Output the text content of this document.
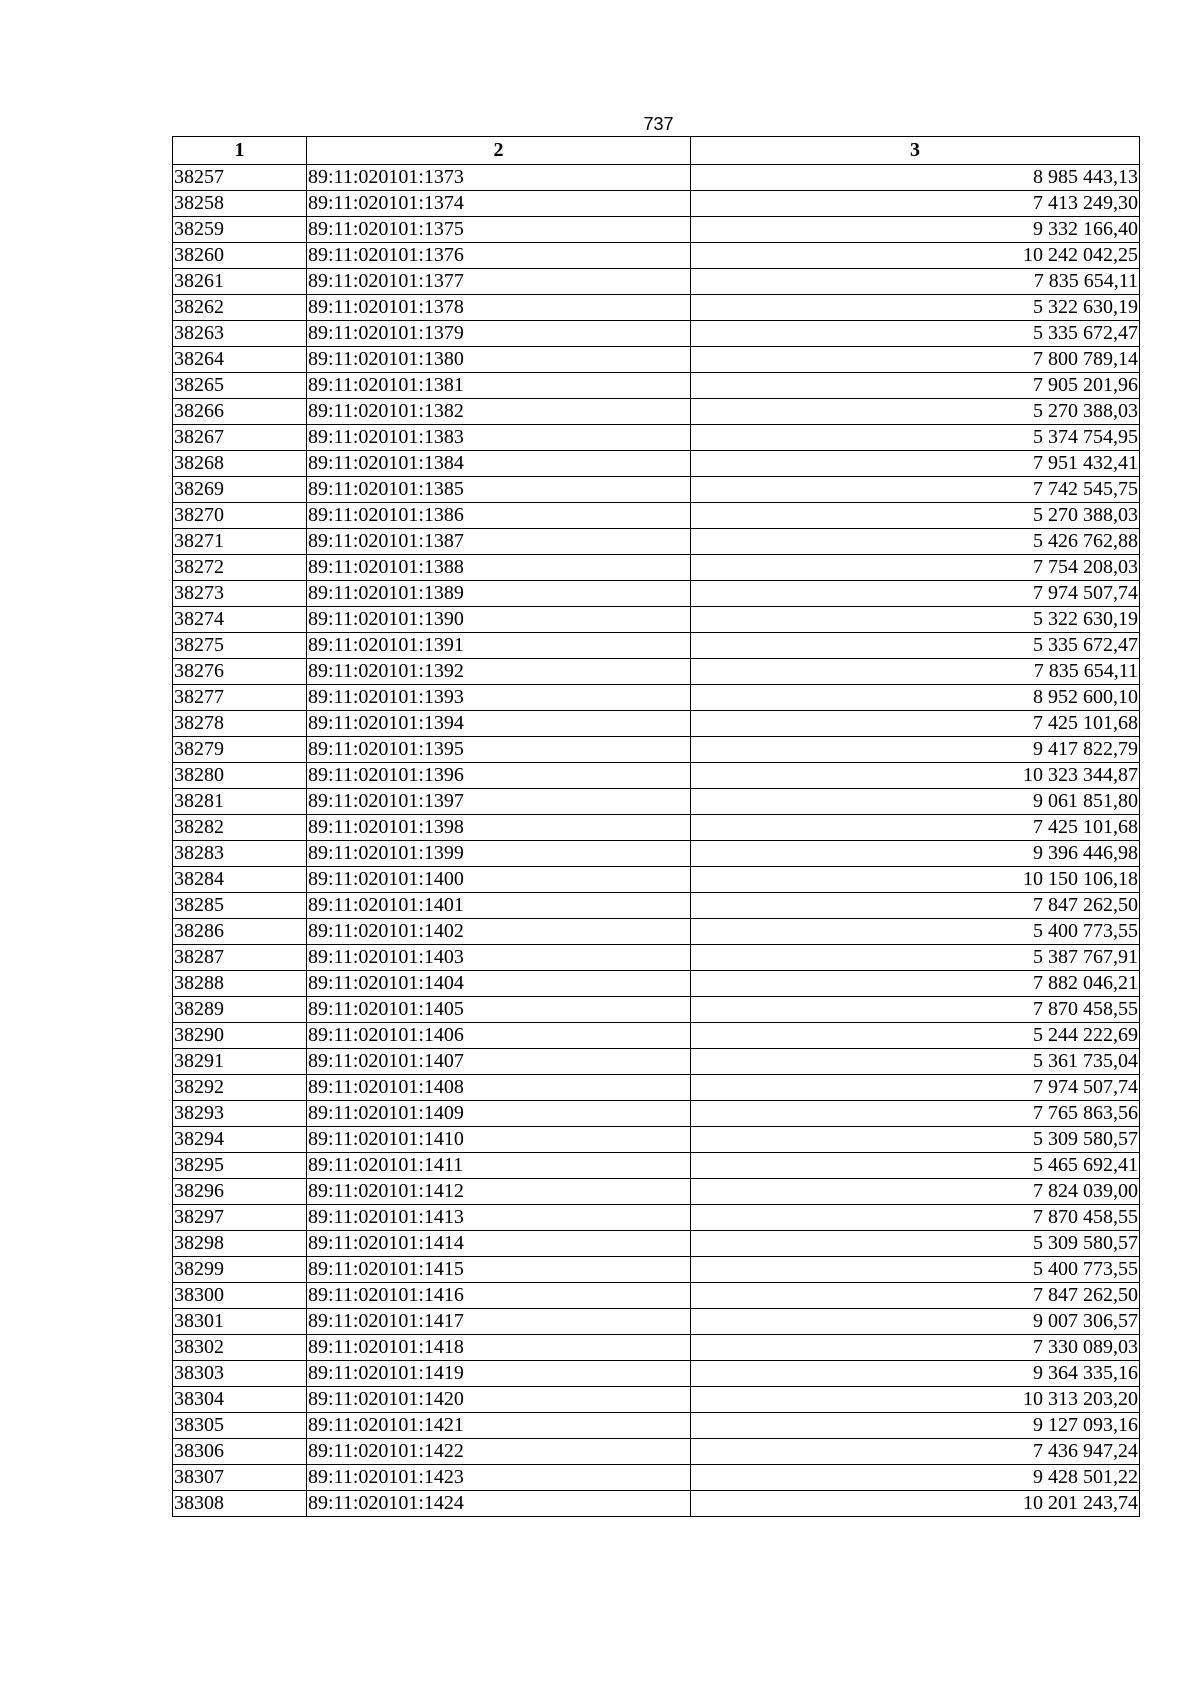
737
1	2	3
38257	89:11:020101:1373	8 985 443,13
38258	89:11:020101:1374	7 413 249,30
38259	89:11:020101:1375	9 332 166,40
38260	89:11:020101:1376	10 242 042,25
38261	89:11:020101:1377	7 835 654,11
38262	89:11:020101:1378	5 322 630,19
38263	89:11:020101:1379	5 335 672,47
38264	89:11:020101:1380	7 800 789,14
38265	89:11:020101:1381	7 905 201,96
38266	89:11:020101:1382	5 270 388,03
38267	89:11:020101:1383	5 374 754,95
38268	89:11:020101:1384	7 951 432,41
38269	89:11:020101:1385	7 742 545,75
38270	89:11:020101:1386	5 270 388,03
38271	89:11:020101:1387	5 426 762,88
38272	89:11:020101:1388	7 754 208,03
38273	89:11:020101:1389	7 974 507,74
38274	89:11:020101:1390	5 322 630,19
38275	89:11:020101:1391	5 335 672,47
38276	89:11:020101:1392	7 835 654,11
38277	89:11:020101:1393	8 952 600,10
38278	89:11:020101:1394	7 425 101,68
38279	89:11:020101:1395	9 417 822,79
38280	89:11:020101:1396	10 323 344,87
38281	89:11:020101:1397	9 061 851,80
38282	89:11:020101:1398	7 425 101,68
38283	89:11:020101:1399	9 396 446,98
38284	89:11:020101:1400	10 150 106,18
38285	89:11:020101:1401	7 847 262,50
38286	89:11:020101:1402	5 400 773,55
38287	89:11:020101:1403	5 387 767,91
38288	89:11:020101:1404	7 882 046,21
38289	89:11:020101:1405	7 870 458,55
38290	89:11:020101:1406	5 244 222,69
38291	89:11:020101:1407	5 361 735,04
38292	89:11:020101:1408	7 974 507,74
38293	89:11:020101:1409	7 765 863,56
38294	89:11:020101:1410	5 309 580,57
38295	89:11:020101:1411	5 465 692,41
38296	89:11:020101:1412	7 824 039,00
38297	89:11:020101:1413	7 870 458,55
38298	89:11:020101:1414	5 309 580,57
38299	89:11:020101:1415	5 400 773,55
38300	89:11:020101:1416	7 847 262,50
38301	89:11:020101:1417	9 007 306,57
38302	89:11:020101:1418	7 330 089,03
38303	89:11:020101:1419	9 364 335,16
38304	89:11:020101:1420	10 313 203,20
38305	89:11:020101:1421	9 127 093,16
38306	89:11:020101:1422	7 436 947,24
38307	89:11:020101:1423	9 428 501,22
38308	89:11:020101:1424	10 201 243,74
